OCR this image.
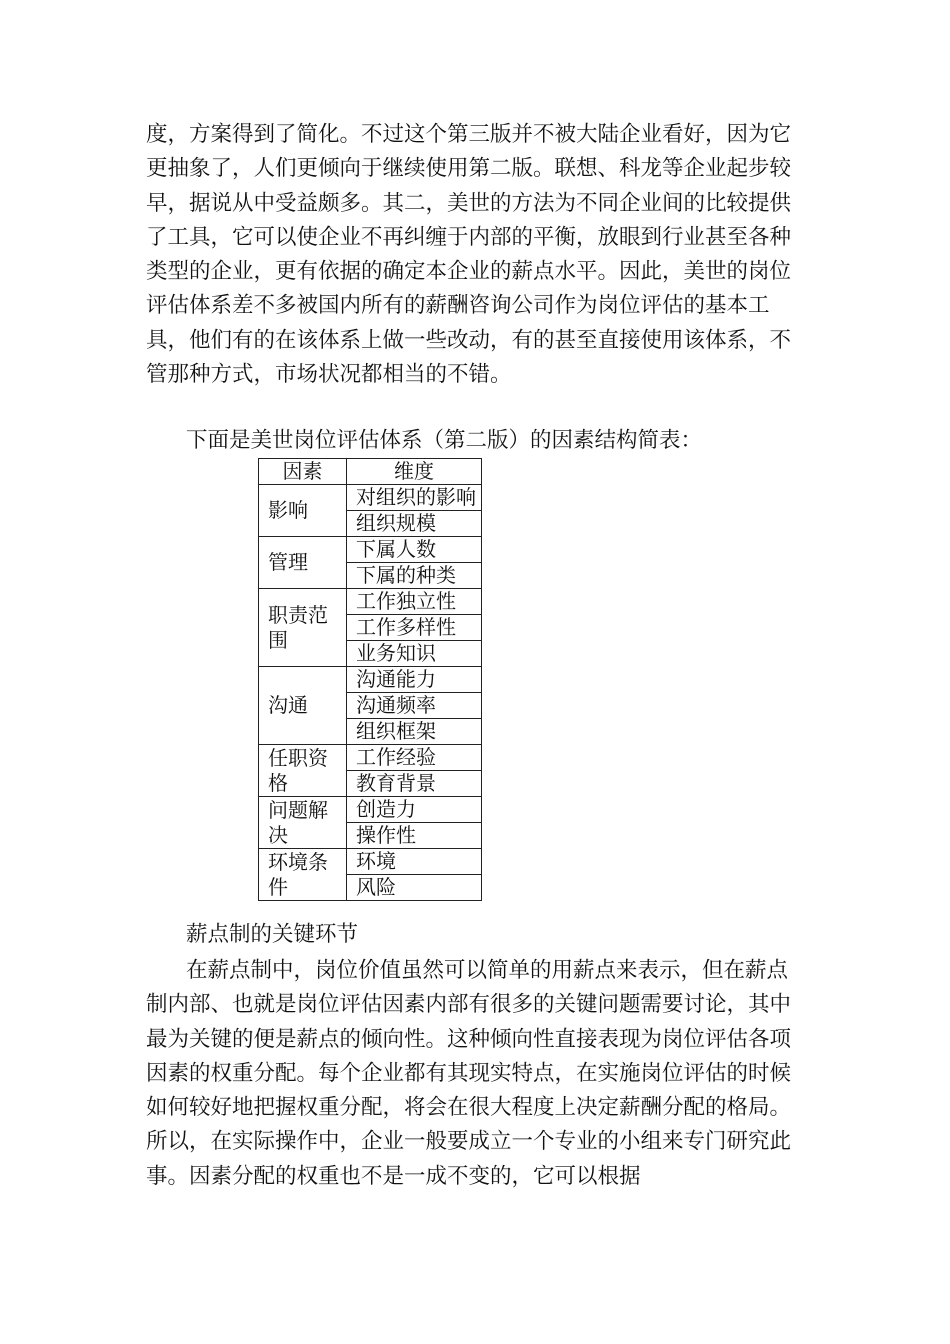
度，方案得到了简化。不过这个第三版并不被大陆企业看好，因为它更抽象了，人们更倾向于继续使用第二版。联想、科龙等企业起步较早，据说从中受益颇多。其二，美世的方法为不同企业间的比较提供了工具，它可以使企业不再纠缠于内部的平衡，放眼到行业甚至各种类型的企业，更有依据的确定本企业的薪点水平。因此，美世的岗位评估体系差不多被国内所有的薪酬咨询公司作为岗位评估的基本工具，他们有的在该体系上做一些改动，有的甚至直接使用该体系，不管那种方式，市场状况都相当的不错。

下面是美世岗位评估体系（第二版）的因素结构简表：

因素	维度
影响	对组织的影响
	组织规模
管理	下属人数
	下属的种类
职责范围	工作独立性
	工作多样性
	业务知识
沟通	沟通能力
	沟通频率
	组织框架
任职资格	工作经验
	教育背景
问题解决	创造力
	操作性
环境条件	环境
	风险
薪点制的关键环节

在薪点制中，岗位价值虽然可以简单的用薪点来表示，但在薪点制内部、也就是岗位评估因素内部有很多的关键问题需要讨论，其中最为关键的便是薪点的倾向性。这种倾向性直接表现为岗位评估各项因素的权重分配。每个企业都有其现实特点，在实施岗位评估的时候如何较好地把握权重分配，将会在很大程度上决定薪酬分配的格局。所以，在实际操作中，企业一般要成立一个专业的小组来专门研究此事。因素分配的权重也不是一成不变的，它可以根据
